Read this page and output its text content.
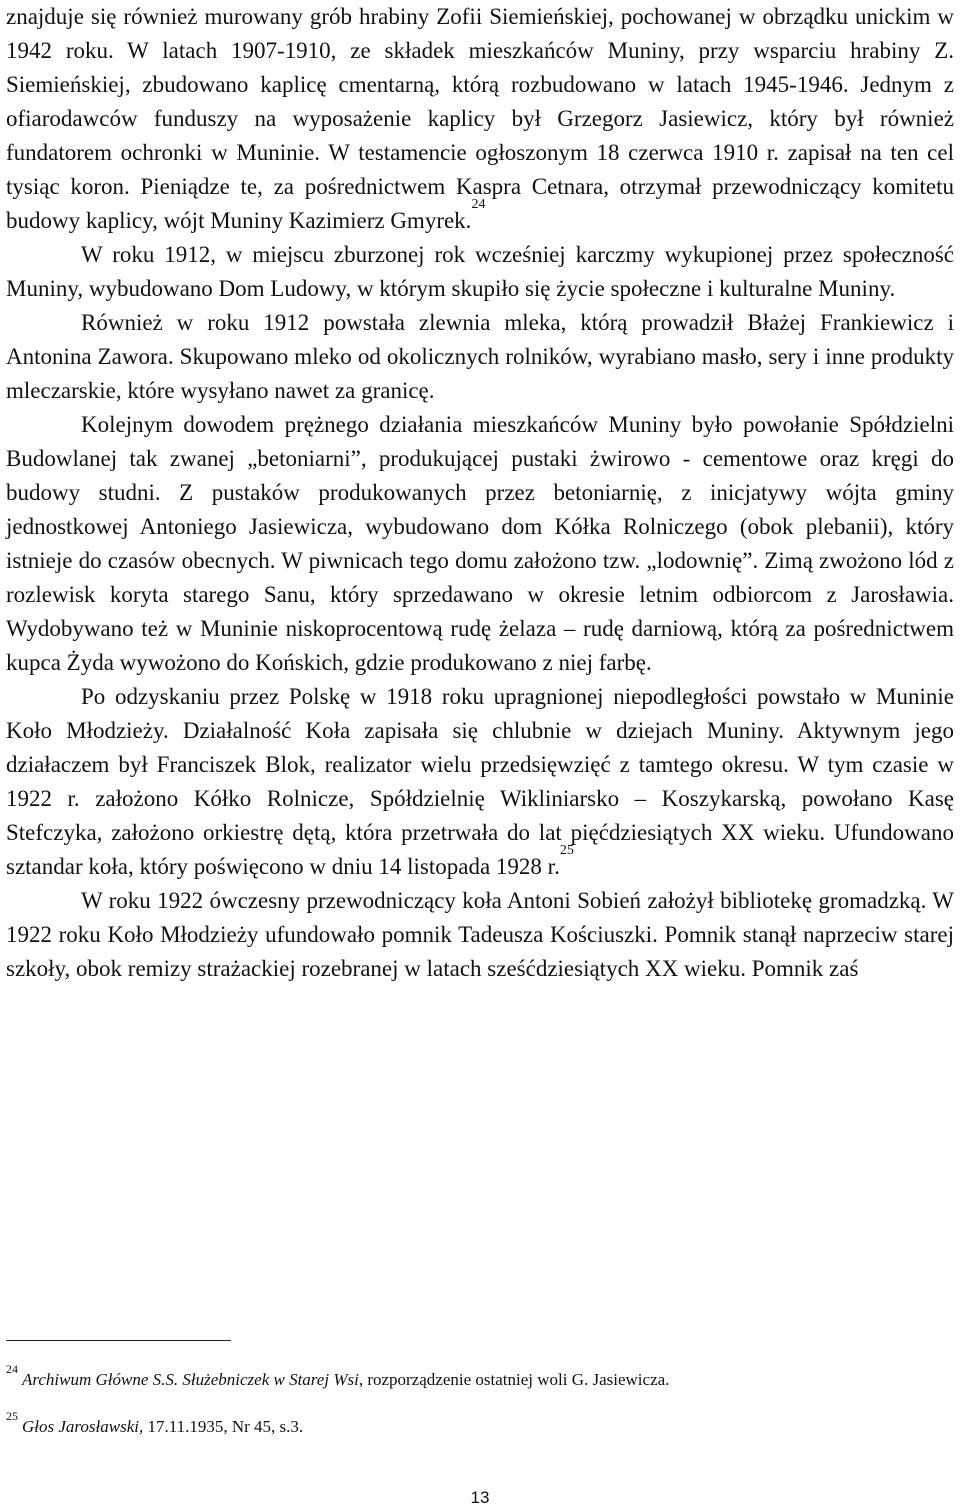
znajduje się również murowany grób hrabiny Zofii Siemieńskiej, pochowanej w obrządku unickim w 1942 roku. W latach 1907-1910, ze składek mieszkańców Muniny, przy wsparciu hrabiny Z. Siemieńskiej, zbudowano kaplicę cmentarną, którą rozbudowano w latach 1945-1946. Jednym z ofiarodawców funduszy na wyposażenie kaplicy był Grzegorz Jasiewicz, który był również fundatorem ochronki w Muninie. W testamencie ogłoszonym 18 czerwca 1910 r. zapisał na ten cel tysiąc koron. Pieniądze te, za pośrednictwem Kaspra Cetnara, otrzymał przewodniczący komitetu budowy kaplicy, wójt Muniny Kazimierz Gmyrek.$^{24}$

W roku 1912, w miejscu zburzonej rok wcześniej karczmy wykupionej przez społeczność Muniny, wybudowano Dom Ludowy, w którym skupiło się życie społeczne i kulturalne Muniny.

Również w roku 1912 powstała zlewnia mleka, którą prowadził Błażej Frankiewicz i Antonina Zawora. Skupowano mleko od okolicznych rolników, wyrabiano masło, sery i inne produkty mleczarskie, które wysyłano nawet za granicę.

Kolejnym dowodem prężnego działania mieszkańców Muniny było powołanie Spółdzielni Budowlanej tak zwanej „betoniarni”, produkującej pustaki żwirowo - cementowe oraz kręgi do budowy studni. Z pustaków produkowanych przez betoniarnię, z inicjatywy wójta gminy jednostkowej Antoniego Jasiewicza, wybudowano dom Kółka Rolniczego (obok plebanii), który istnieje do czasów obecnych. W piwnicach tego domu założono tzw. „lodownię”. Zimą zwożono lód z rozlewisk koryta starego Sanu, który sprzedawano w okresie letnim odbiorcom z Jarosławia. Wydobywano też w Muninie niskoprocentową rudę żelaza – rudę darniową, którą za pośrednictwem kupca Żyda wywożono do Końskich, gdzie produkowano z niej farbę.

Po odzyskaniu przez Polskę w 1918 roku upragnionej niepodległości powstało w Muninie Koło Młodzieży. Działalność Koła zapisała się chlubnie w dziejach Muniny. Aktywnym jego działaczem był Franciszek Blok, realizator wielu przedsięwzięć z tamtego okresu. W tym czasie w 1922 r. założono Kółko Rolnicze, Spółdzielnię Wikliniarsko – Koszykarską, powołano Kasę Stefczyka, założono orkiestrę dętą, która przetrwała do lat pięćdziesiątych XX wieku. Ufundowano sztandar koła, który poświęcono w dniu 14 listopada 1928 r.$^{25}$

W roku 1922 ówczesny przewodniczący koła Antoni Sobień założył bibliotekę gromadzką. W 1922 roku Koło Młodzieży ufundowało pomnik Tadeusza Kościuszki. Pomnik stanął naprzeciw starej szkoły, obok remizy strażackiej rozebranej w latach sześćdziesiątych XX wieku. Pomnik zaś

$^{24}$Archiwum Główne S.S. Służebniczek w Starej Wsi, rozporządzenie ostatniej woli G. Jasiewicza.
$^{25}$Głos Jarosławski, 17.11.1935, Nr 45, s.3.
13
